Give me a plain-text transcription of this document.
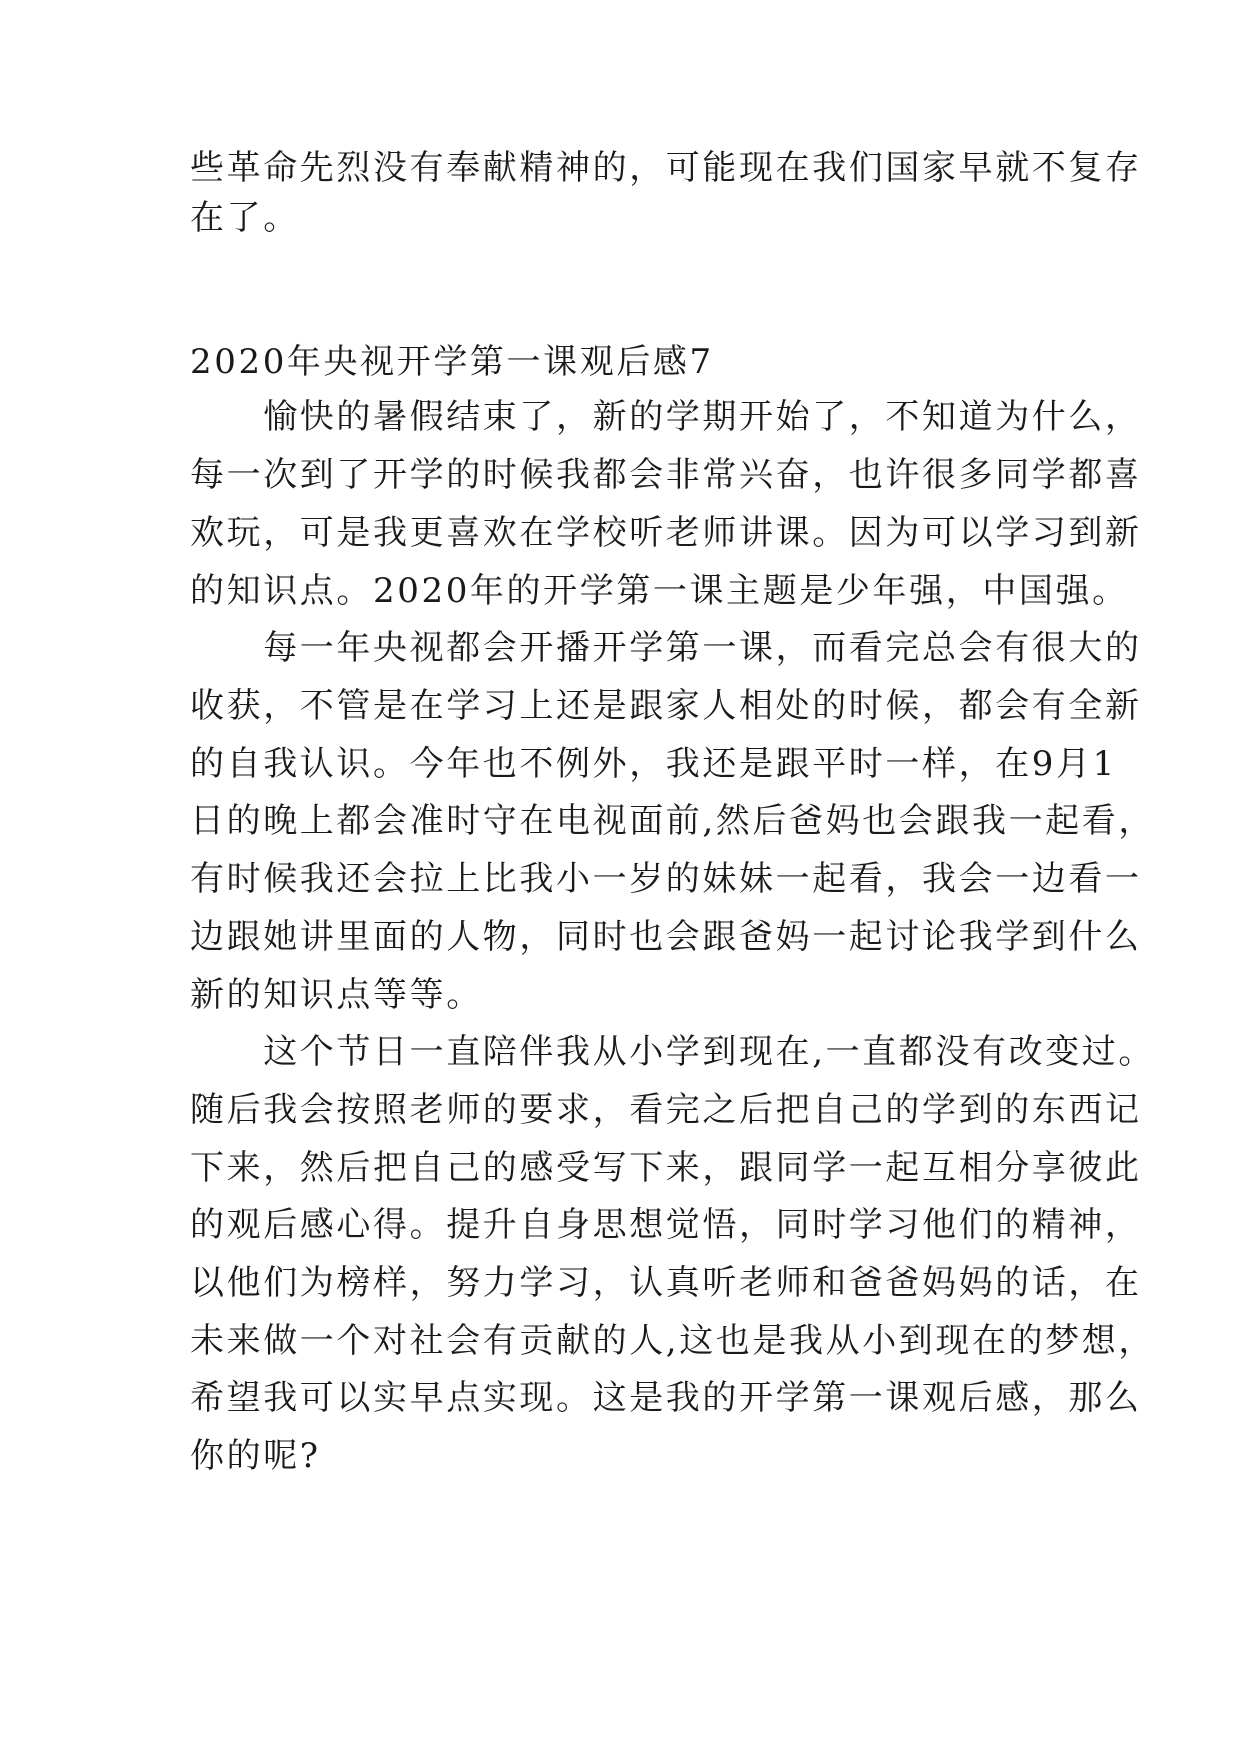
些革命先烈没有奉献精神的，可能现在我们国家早就不复存
在了。
2020年央视开学第一课观后感7
　　愉快的暑假结束了，新的学期开始了，不知道为什么，
每一次到了开学的时候我都会非常兴奋，也许很多同学都喜
欢玩，可是我更喜欢在学校听老师讲课。因为可以学习到新
的知识点。2020年的开学第一课主题是少年强，中国强。
　　每一年央视都会开播开学第一课，而看完总会有很大的
收获，不管是在学习上还是跟家人相处的时候，都会有全新
的自我认识。今年也不例外，我还是跟平时一样，在9月1
日的晚上都会准时守在电视面前,然后爸妈也会跟我一起看，
有时候我还会拉上比我小一岁的妹妹一起看，我会一边看一
边跟她讲里面的人物，同时也会跟爸妈一起讨论我学到什么
新的知识点等等。
　　这个节日一直陪伴我从小学到现在,一直都没有改变过。
随后我会按照老师的要求，看完之后把自己的学到的东西记
下来，然后把自己的感受写下来，跟同学一起互相分享彼此
的观后感心得。提升自身思想觉悟，同时学习他们的精神，
以他们为榜样，努力学习，认真听老师和爸爸妈妈的话，在
未来做一个对社会有贡献的人,这也是我从小到现在的梦想，
希望我可以实早点实现。这是我的开学第一课观后感，那么
你的呢?
